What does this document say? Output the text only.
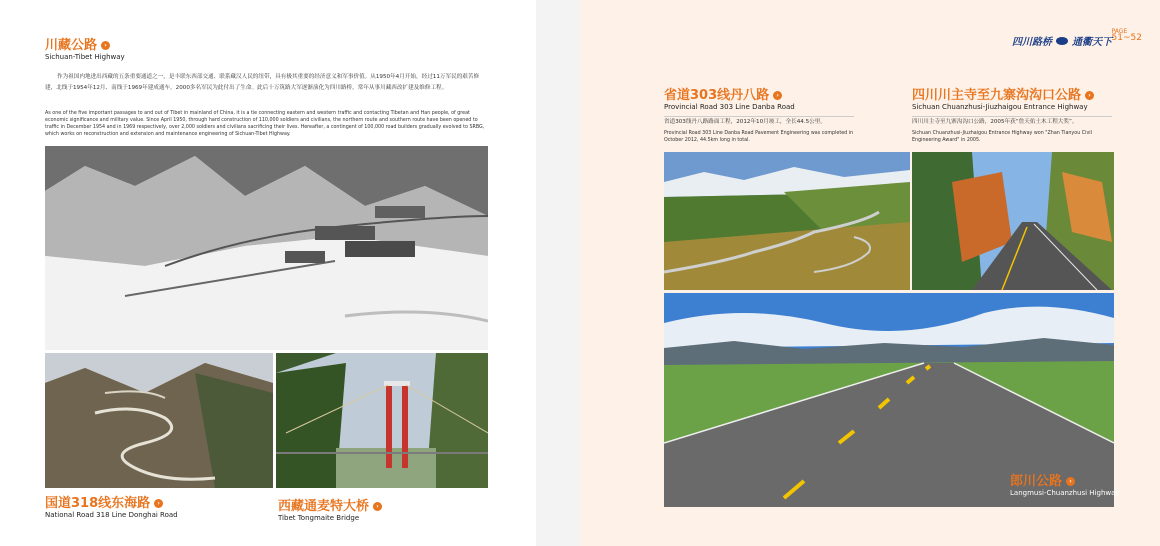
川藏公路 ›
Sichuan-Tibet Highway
作为祖国内地进出西藏的五条重要通道之一，是丰联东西部交通、联系藏汉人民的纽带，具有极其重要的经济意义和军事价值。从1950年4月开始，经过11万军民的艰苦修建，北线于1954年12月、南线于1969年建成通车，2000多名军民为此付出了生命。此后十万筑路大军逐渐演化为四川路桥，常年从事川藏西改扩建及维修工程。
As one of the five important passages to and out of Tibet in mainland of China, it is a tie connecting eastern and western traffic and contacting Tibetan and Han people, of great economic significance and military value. Since April 1950, through hard construction of 110,000 soldiers and civilians, the northern route and southern route have been opened to traffic in December 1954 and in 1969 respectively, over 2,000 soldiers and civilians sacrificing their lives. Hereafter, a contingent of 100,000 road builders gradually evolved to SRBG, which works on reconstruction and extension and maintenance engineering of Sichuan-Tibet Highway.
国道318线东海路 ›
National Road 318 Line Donghai Road
西藏通麦特大桥 ›
Tibet Tongmaite Bridge
四川路桥 通衢天下
PAGE
51~52
省道303线丹八路 ›
Provincial Road 303 Line Danba Road
省道303线丹八路路面工程，2012年10月竣工，全长44.5公里。
Provincial Road 303 Line Danba Road Pavement Engineering was completed in October 2012, 44.5km long in total.
四川川主寺至九寨沟沟口公路 ›
Sichuan Chuanzhusi-Jiuzhaigou Entrance Highway
四川川主寺至九寨沟沟口公路，2005年获“詹天佑土木工程大奖”。
Sichuan Chuanzhusi-Jiuzhaigou Entrance Highway won "Zhan Tianyou Civil Engineering Award" in 2005.
郎川公路 ›
Langmusi-Chuanzhusi Highway
